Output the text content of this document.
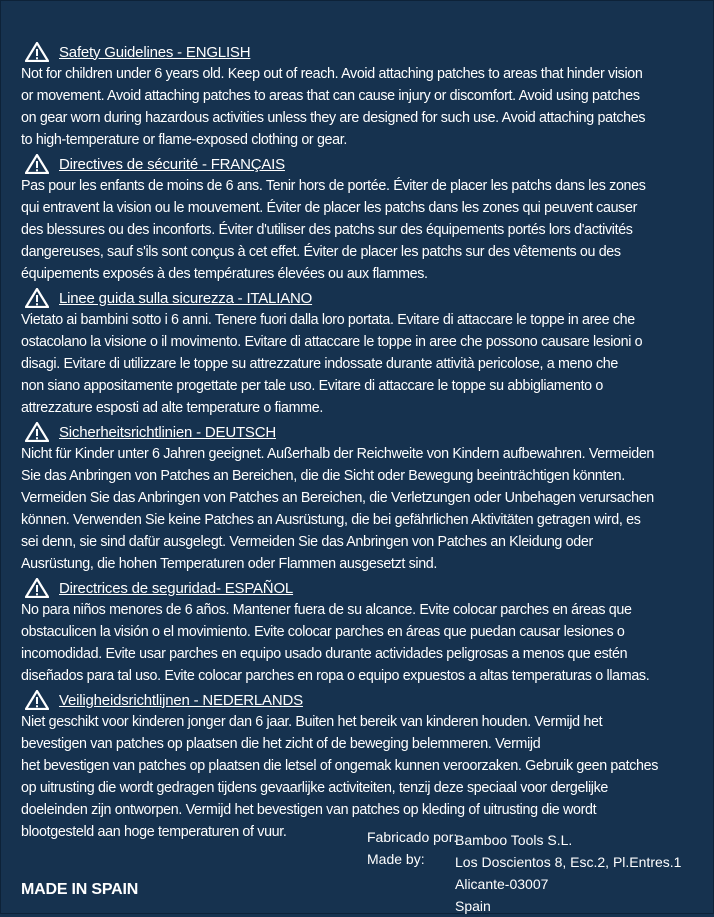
Safety Guidelines - ENGLISH

Not for children under 6 years old. Keep out of reach. Avoid attaching patches to areas that hinder vision
or movement. Avoid attaching patches to areas that can cause injury or discomfort. Avoid using patches
on gear worn during hazardous activities unless they are designed for such use. Avoid attaching patches
to high-temperature or flame-exposed clothing or gear.

Directives de sécurité - FRANÇAIS

Pas pour les enfants de moins de 6 ans. Tenir hors de portée. Éviter de placer les patchs dans les zones
qui entravent la vision ou le mouvement. Éviter de placer les patchs dans les zones qui peuvent causer
des blessures ou des inconforts. Éviter d'utiliser des patchs sur des équipements portés lors d'activités
dangereuses, sauf s'ils sont conçus à cet effet. Éviter de placer les patchs sur des vêtements ou des
équipements exposés à des températures élevées ou aux flammes.

Linee guida sulla sicurezza - ITALIANO

Vietato ai bambini sotto i 6 anni. Tenere fuori dalla loro portata. Evitare di attaccare le toppe in aree che
ostacolano la visione o il movimento. Evitare di attaccare le toppe in aree che possono causare lesioni o
disagi. Evitare di utilizzare le toppe su attrezzature indossate durante attività pericolose, a meno che
non siano appositamente progettate per tale uso. Evitare di attaccare le toppe su abbigliamento o
attrezzature esposti ad alte temperature o fiamme.

Sicherheitsrichtlinien - DEUTSCH

Nicht für Kinder unter 6 Jahren geeignet. Außerhalb der Reichweite von Kindern aufbewahren. Vermeiden
Sie das Anbringen von Patches an Bereichen, die die Sicht oder Bewegung beeinträchtigen könnten.
Vermeiden Sie das Anbringen von Patches an Bereichen, die Verletzungen oder Unbehagen verursachen
können. Verwenden Sie keine Patches an Ausrüstung, die bei gefährlichen Aktivitäten getragen wird, es
sei denn, sie sind dafür ausgelegt. Vermeiden Sie das Anbringen von Patches an Kleidung oder
Ausrüstung, die hohen Temperaturen oder Flammen ausgesetzt sind.

Directrices de seguridad- ESPAÑOL

No para niños menores de 6 años. Mantener fuera de su alcance. Evite colocar parches en áreas que
obstaculicen la visión o el movimiento. Evite colocar parches en áreas que puedan causar lesiones o
incomodidad. Evite usar parches en equipo usado durante actividades peligrosas a menos que estén
diseñados para tal uso. Evite colocar parches en ropa o equipo expuestos a altas temperaturas o llamas.

Veiligheidsrichtlijnen - NEDERLANDS

Niet geschikt voor kinderen jonger dan 6 jaar. Buiten het bereik van kinderen houden. Vermijd het
bevestigen van patches op plaatsen die het zicht of de beweging belemmeren. Vermijd
het bevestigen van patches op plaatsen die letsel of ongemak kunnen veroorzaken. Gebruik geen patches
op uitrusting die wordt gedragen tijdens gevaarlijke activiteiten, tenzij deze speciaal voor dergelijke
doeleinden zijn ontworpen. Vermijd het bevestigen van patches op kleding of uitrusting die wordt
blootgesteld aan hoge temperaturen of vuur.	Fabricado por:
Made by:
Bamboo Tools S.L.
Los Doscientos 8, Esc.2, Pl.Entres.1
Alicante-03007
Spain
MADE IN SPAIN
